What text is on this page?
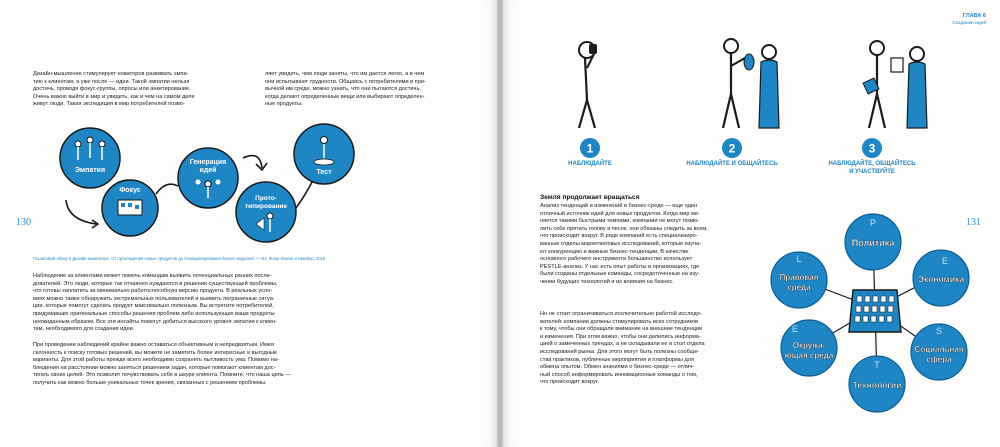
Дизайн-мышление стимулирует новаторов развивать эмпа-
тию к клиентам, а уже после — идеи. Такой эмпатии нельзя
достичь, проводя фокус-группы, опросы или анкетирование.
Очень важно выйти в мир и увидеть, как и чем на самом деле
живут люди. Такая экспедиция в мир потребителей позво-

ляет увидеть, чем люди заняты, что им дается легко, а в чем
они испытывают трудности. Общаясь с потребителями в при-
вычной им среде, можно узнать, что они пытаются достичь,
когда делают определенные вещи или выбирают определен-
ные продукты.

130
Эмпатия
Фокус
Генерация
идей
Прото-
типирование
Тест
Пошаговый обзор 5 Дизайн-мышление. От прохождения новых продуктов до позиционирования бизнес-моделей. — Из: Жанр Ишков и Шнабер, 2015

Наблюдение за клиентами может помочь командам выявить потенциальных ранних после-
дователей. Это люди, которые так отчаянно нуждаются в решении существующей проблемы,
что готовы заплатить за минимально работоспособную версию продукта. В реальных усло-
виях можно также обнаружить экстремальных пользователей и выявить пограничные ситуа-
ции, которые помогут сделать продукт максимально полезным. Вы встретите потребителей,
придумавших оригинальные способы решения проблем либо использующих ваши продукты
неожиданным образом. Все эти инсайты помогут добиться высокого уровня эмпатии к клиен-
там, необходимого для создания идеи.

При проведении наблюдений крайне важно оставаться объективным и непредвзятым. Имея
склонность к поиску готовых решений, вы можете не заметить более интересные и выгодные
варианты. Для этой работы прежде всего необходимо сохранять пытливость ума. Помимо на-
блюдения на расстоянии можно заняться решением задач, которые помогают клиентам дос-
тигать своих целей. Это позволит почувствовать себя в шкуре клиента. Помните, что наша цель —
получить как можно больше уникальных точек зрения, связанных с решением проблемы.

ГЛАВА 6
Создание идей
1	2	3
НАБЛЮДАЙТЕ	НАБЛЮДАЙТЕ И ОБЩАЙТЕСЬ	НАБЛЮДАЙТЕ, ОБЩАЙТЕСЬ
И УЧАСТВУЙТЕ
Земля продолжает вращаться

Анализ тенденций и изменений в бизнес-среде — еще один
отличный источник идей для новых продуктов. Когда мир ме-
няется такими быстрыми темпами, компании не могут позво-
лить себе прятать голову в песок: они обязаны следить за всем,
что происходит вокруг. В ряде компаний есть специализиро-
ванные отделы маркетинговых исследований, которые изуча-
ют конкуренцию и важные бизнес-тенденции. В качестве
основного рабочего инструмента большинство использует
PESTLE-анализ. У нас есть опыт работы в организациях, где
были созданы отдельные команды, сосредоточенные на изу-
чении будущих технологий и их влияния на бизнес.

Но не стоит ограничиваться исключительно работой исследо-
вателей: компании должны стимулировать всех сотрудников
к тому, чтобы они обращали внимание на внешние тенденции
и изменения. При этом важно, чтобы они делились информа-
цией о замеченных трендах, а не складывали ее в стол отдела
исследований рынка. Для этого могут быть полезны сообще-
ства практиков, публичные мероприятия и платформы для
обмена опытом. Обмен знаниями о бизнес-среде — отлич-
ный способ информировать инновационные команды о том,
что происходит вокруг.

131
P
Политика
E
Экономика
S
Социальная
сфера
T
Технологии
E
Окружа-
ющая среда
L
Правовая
среда
